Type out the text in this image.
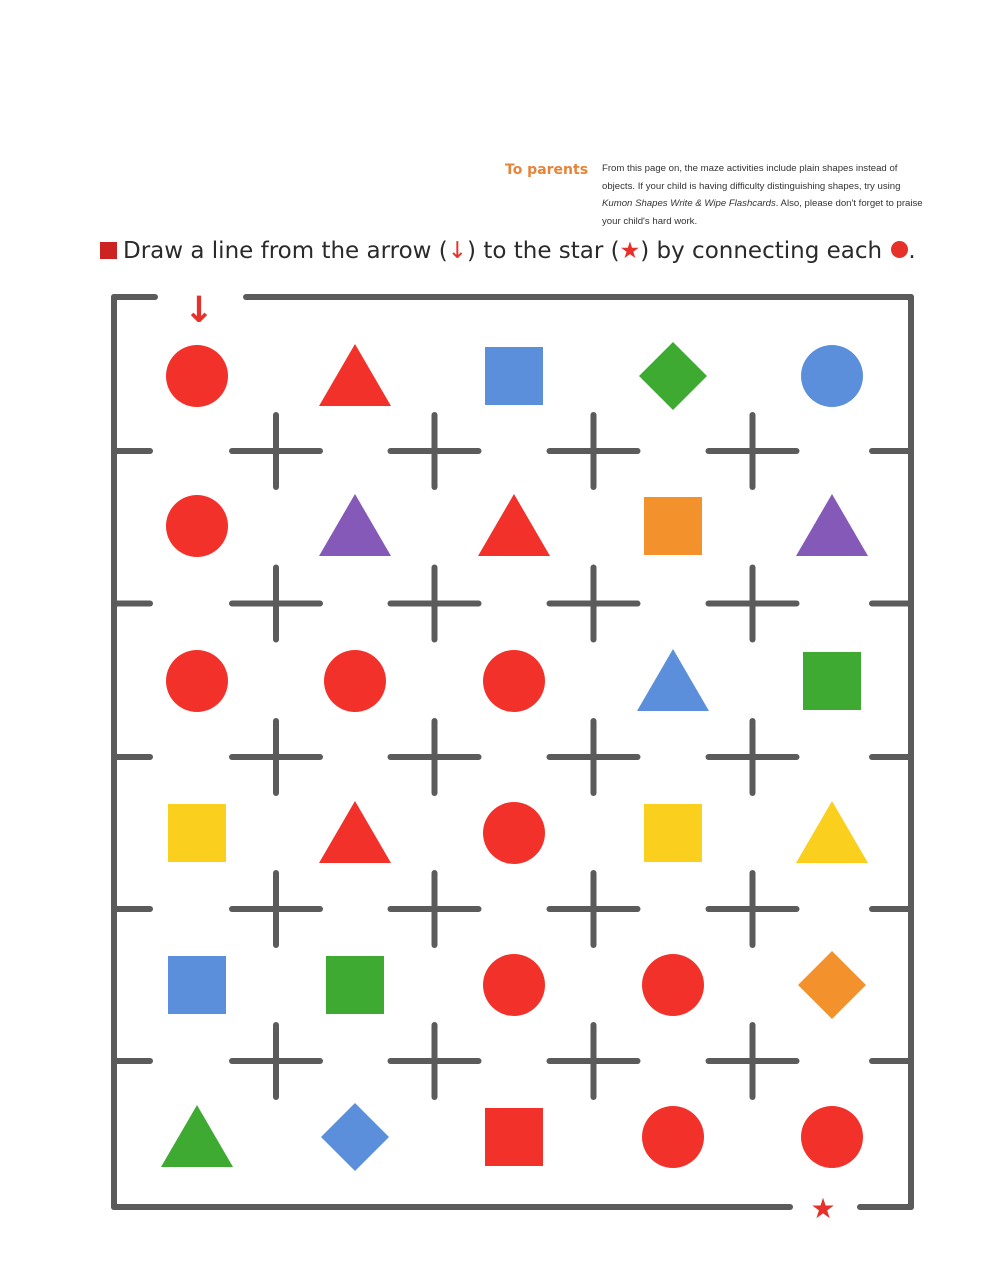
To parents From this page on, the maze activities include plain shapes instead of objects. If your child is having difficulty distinguishing shapes, try using Kumon Shapes Write & Wipe Flashcards. Also, please don't forget to praise your child's hard work.
Draw a line from the arrow (↓) to the star (★) by connecting each .
↓
★
